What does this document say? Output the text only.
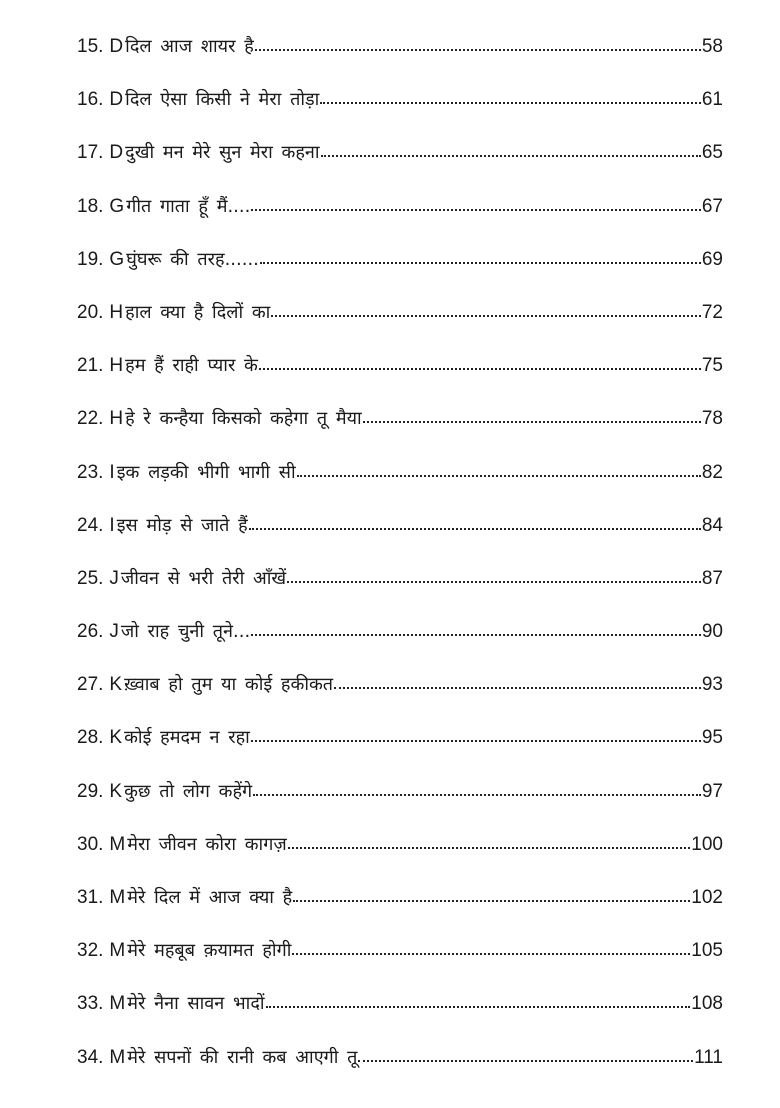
15. D दिल आज शायर है	58
16. D दिल ऐसा किसी ने मेरा तोड़ा	61
17. D दुखी मन मेरे सुन मेरा कहना	65
18. G गीत गाता हूँ मैं....	67
19. G घुंघरू की तरह......	69
20. H हाल क्या है दिलों का	72
21. H हम हैं राही प्यार के	75
22. H हे रे कन्हैया किसको कहेगा तू मैया	78
23. I इक लड़की भीगी भागी सी	82
24. I इस मोड़ से जाते हैं	84
25. J जीवन से भरी तेरी आँखें	87
26. J जो राह चुनी तूने...	90
27. K ख़्वाब हो तुम या कोई हकीकत	93
28. K कोई हमदम न रहा	95
29. K कुछ तो लोग कहेंगे	97
30. M मेरा जीवन कोरा कागज़	100
31. M मेरे दिल में आज क्या है	102
32. M मेरे महबूब क़यामत होगी	105
33. M मेरे नैना सावन भादों	108
34. M मेरे सपनों की रानी कब आएगी तू	111
